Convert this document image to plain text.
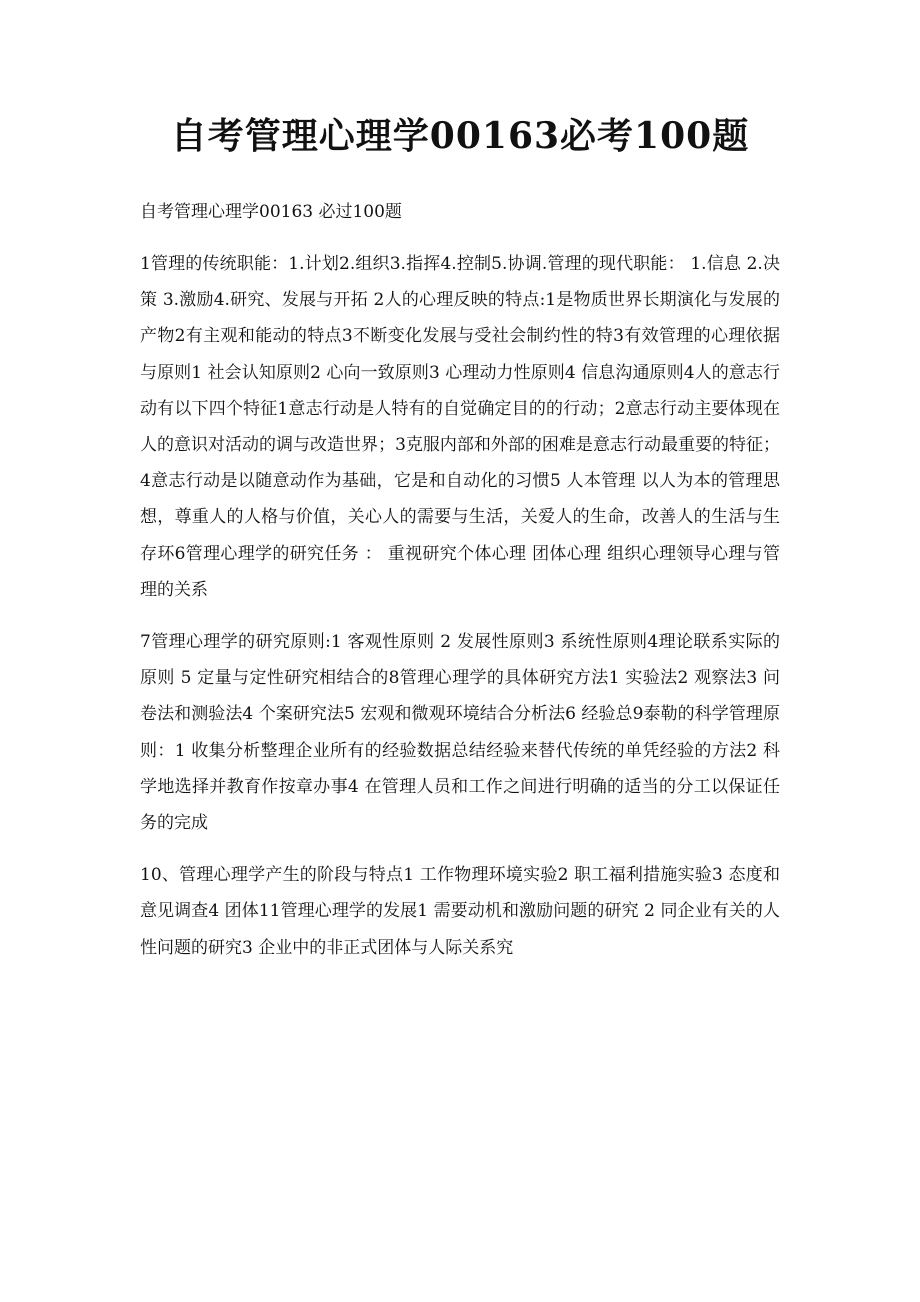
自考管理心理学00163必考100题

自考管理心理学00163 必过100题

1管理的传统职能：1.计划2.组织3.指挥4.控制5.协调.管理的现代职能： 1.信息 2.决策 3.激励4.研究、发展与开拓 2人的心理反映的特点:1是物质世界长期演化与发展的产物2有主观和能动的特点3不断变化发展与受社会制约性的特3有效管理的心理依据与原则1 社会认知原则2 心向一致原则3 心理动力性原则4 信息沟通原则4人的意志行动有以下四个特征1意志行动是人特有的自觉确定目的的行动；2意志行动主要体现在人的意识对活动的调与改造世界；3克服内部和外部的困难是意志行动最重要的特征；4意志行动是以随意动作为基础，它是和自动化的习惯5 人本管理 以人为本的管理思想，尊重人的人格与价值，关心人的需要与生活，关爱人的生命，改善人的生活与生存环6管理心理学的研究任务 ： 重视研究个体心理 团体心理 组织心理领导心理与管理的关系

7管理心理学的研究原则:1 客观性原则 2 发展性原则3 系统性原则4理论联系实际的原则 5 定量与定性研究相结合的8管理心理学的具体研究方法1 实验法2 观察法3 问卷法和测验法4 个案研究法5 宏观和微观环境结合分析法6 经验总9泰勒的科学管理原则：1 收集分析整理企业所有的经验数据总结经验来替代传统的单凭经验的方法2 科学地选择并教育作按章办事4 在管理人员和工作之间进行明确的适当的分工以保证任务的完成

10、管理心理学产生的阶段与特点1 工作物理环境实验2 职工福利措施实验3 态度和意见调查4 团体11管理心理学的发展1 需要动机和激励问题的研究 2 同企业有关的人性问题的研究3 企业中的非正式团体与人际关系究
